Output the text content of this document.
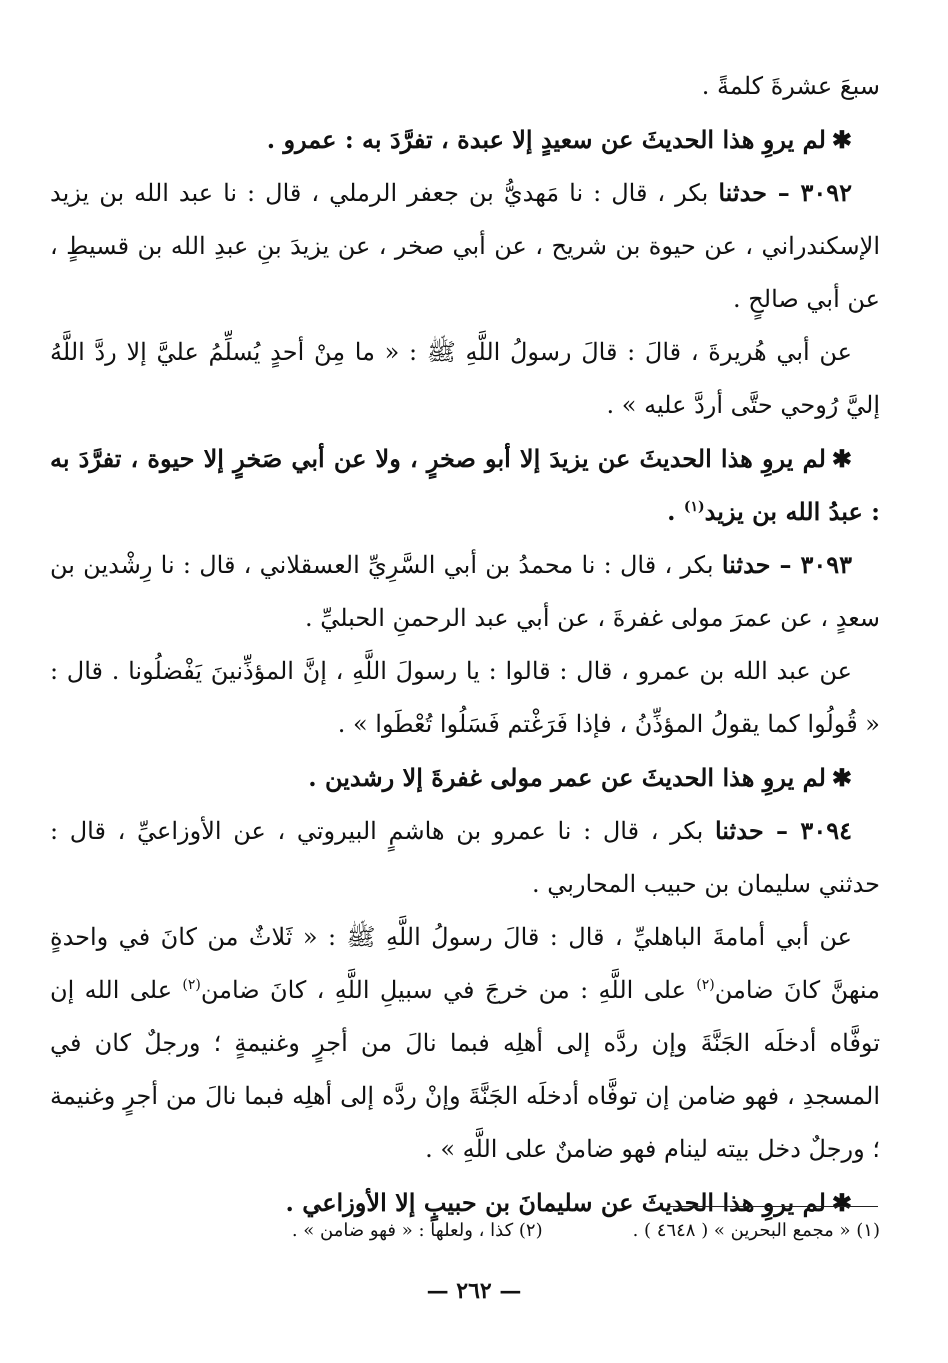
سبعَ عشرةَ كلمةً .

✱لم يروِ هذا الحديثَ عن سعيدٍ إلا عبدة ، تفرَّدَ به : عمرو .

٣٠٩٢ – حدثنا بكر ، قال : نا مَهديُّ بن جعفر الرملي ، قال : نا عبد الله بن يزيد الإسكندراني ، عن حيوة بن شريح ، عن أبي صخر ، عن يزيدَ بنِ عبدِ الله بن قسيطٍ ، عن أبي صالحٍ .

عن أبي هُريرةَ ، قالَ : قالَ رسولُ اللَّهِ ﷺ : « ما مِنْ أحدٍ يُسلِّمُ عليَّ إلا ردَّ اللَّهُ إليَّ رُوحي حتَّى أردَّ عليه » .

✱لم يروِ هذا الحديثَ عن يزيدَ إلا أبو صخرٍ ، ولا عن أبي صَخرٍ إلا حيوة ، تفرَّدَ به : عبدُ الله بن يزيد$^{(١)}$ .

٣٠٩٣ – حدثنا بكر ، قال : نا محمدُ بن أبي السَّرِيِّ العسقلاني ، قال : نا رِشْدين بن سعدٍ ، عن عمرَ مولى غفرةَ ، عن أبي عبد الرحمنِ الحبليِّ .

عن عبد الله بن عمرو ، قال : قالوا : يا رسولَ اللَّهِ ، إنَّ المؤذِّنينَ يَفْضلُونا . قال : « قُولُوا كما يقولُ المؤذِّنُ ، فإذا فَرَغْتم فَسَلُوا تُعْطَوا » .

✱لم يروِ هذا الحديثَ عن عمر مولى غفرةَ إلا رشدين .

٣٠٩٤ – حدثنا بكر ، قال : نا عمرو بن هاشمٍ البيروتي ، عن الأوزاعيِّ ، قال : حدثني سليمان بن حبيب المحاربي .

عن أبي أمامةَ الباهليِّ ، قال : قالَ رسولُ اللَّهِ ﷺ : « ثَلاثٌ من كانَ في واحدةٍ منهنَّ كانَ ضامن$^{(٢)}$ على اللَّهِ : من خرجَ في سبيلِ اللَّهِ ، كانَ ضامن$^{(٢)}$ على الله إن توفَّاه أدخلَه الجَنَّةَ وإن ردَّه إلى أهلِه فبما نالَ من أجرٍ وغنيمةٍ ؛ ورجلٌ كان في المسجدِ ، فهو ضامن إن توفَّاه أدخلَه الجَنَّةَ وإنْ ردَّه إلى أهلِه فبما نالَ من أجرٍ وغنيمة ؛ ورجلٌ دخل بيته لينام فهو ضامنٌ على اللَّهِ » .

✱لم يروِ هذا الحديثَ عن سليمانَ بن حبيبٍ إلا الأوزاعي .

(١) « مجمع البحرين » ( ٤٦٤٨ ) .
(٢) كذا ، ولعلها : « فهو ضامن » .
— ٢٦٢ —
